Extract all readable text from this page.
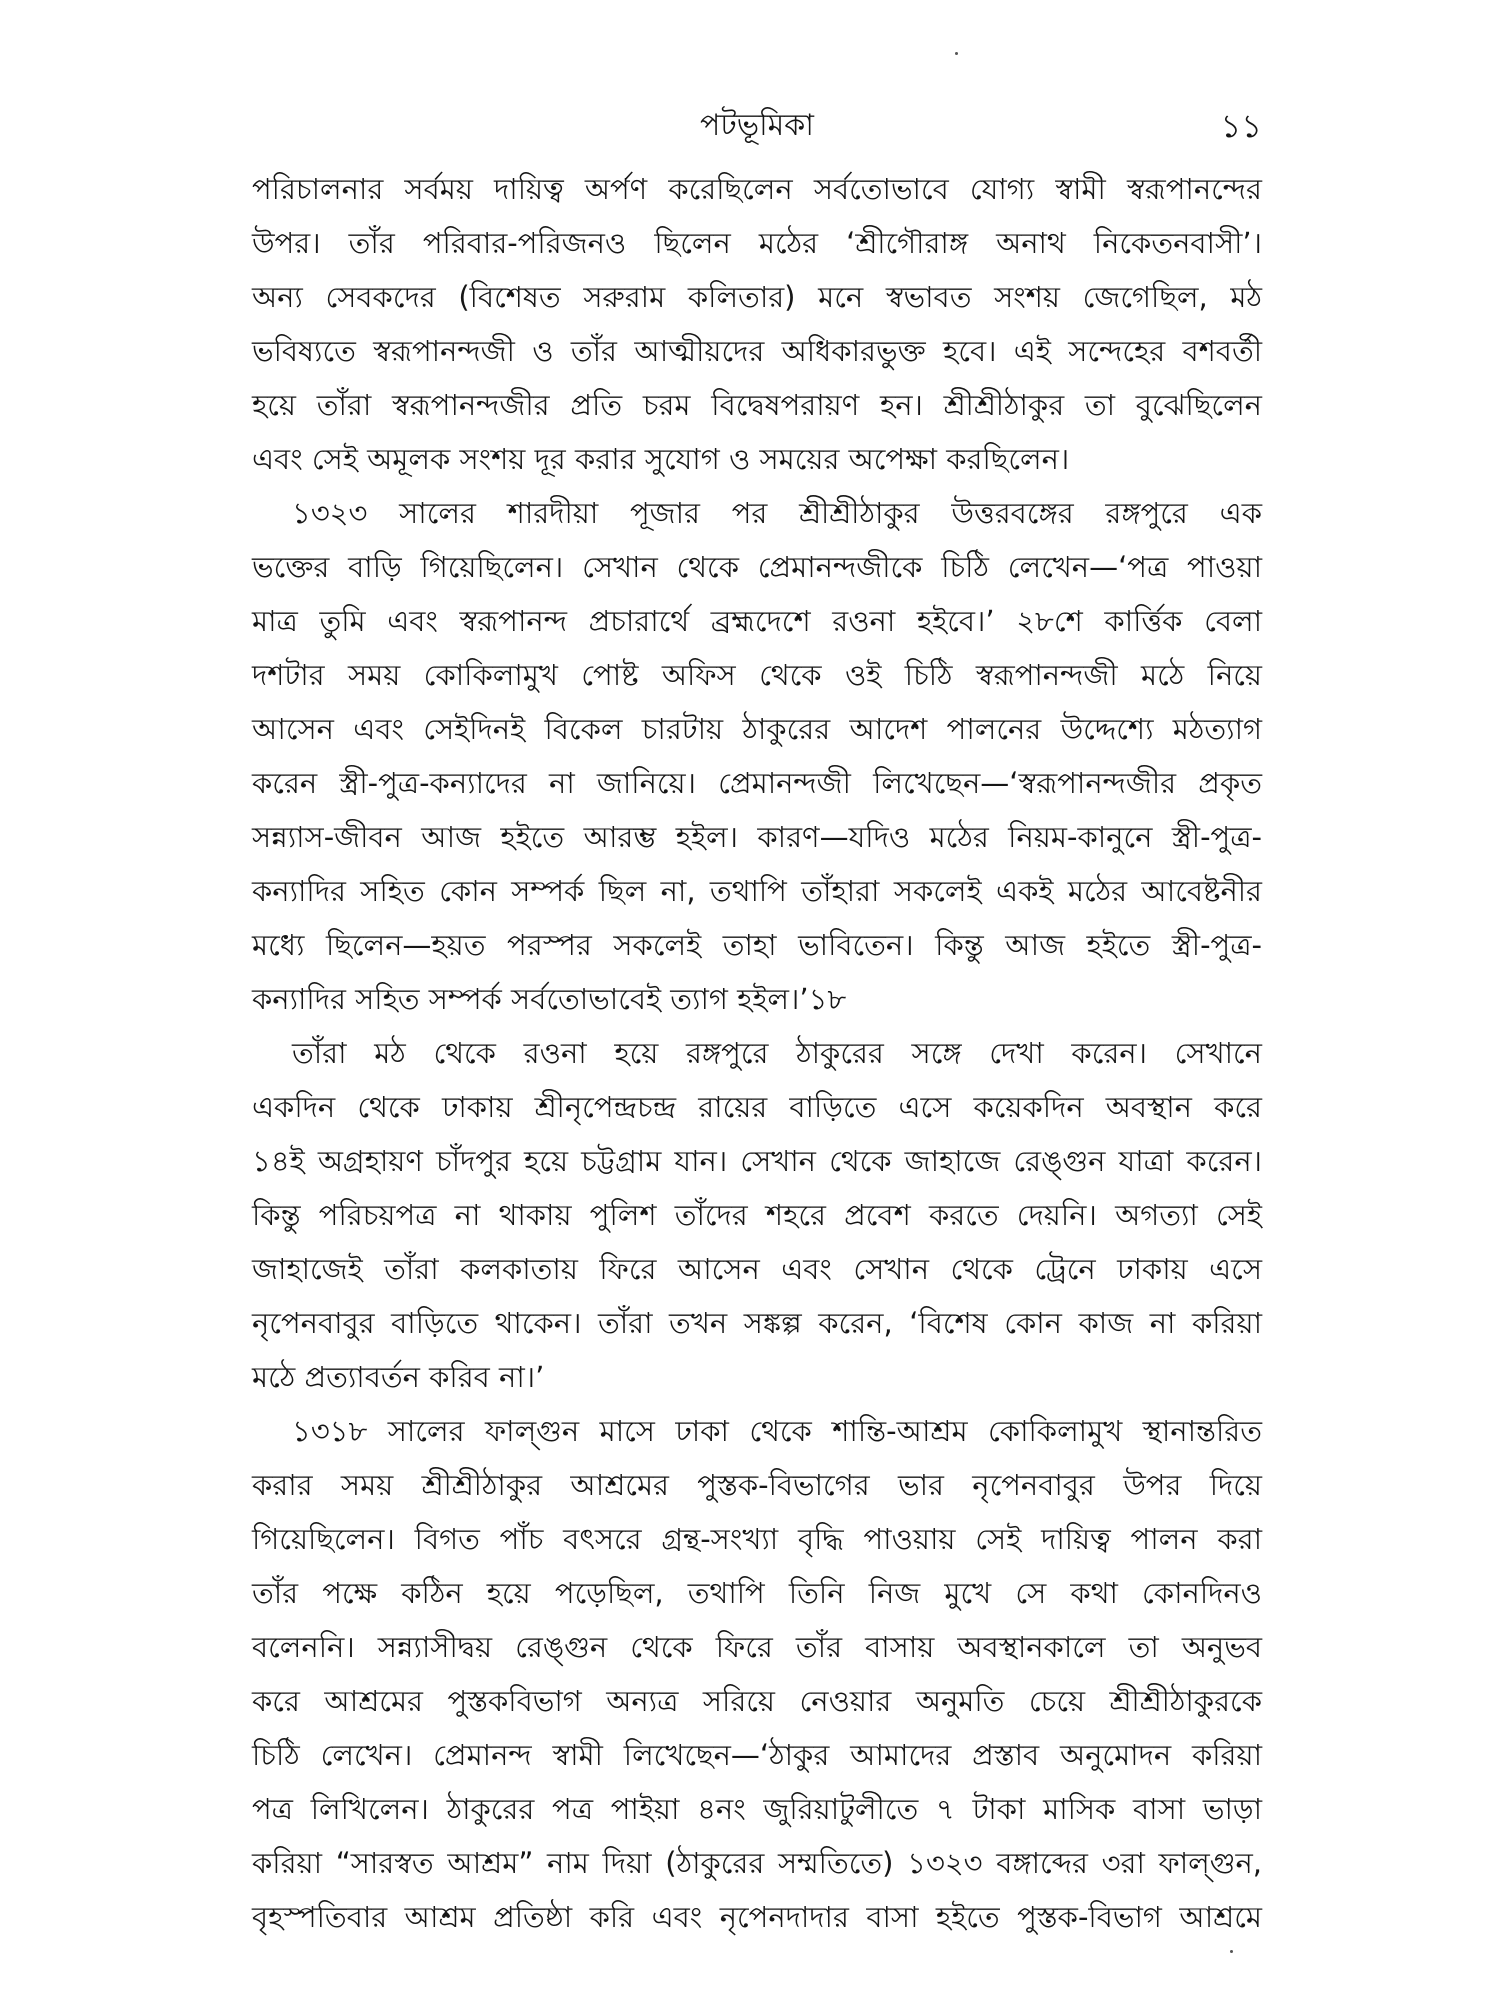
পটভূমিকা	১১
পরিচালনার সর্বময় দায়িত্ব অর্পণ করেছিলেন সর্বতোভাবে যোগ্য স্বামী স্বরূপানন্দের
উপর। তাঁর পরিবার-পরিজনও ছিলেন মঠের ‘শ্রীগৌরাঙ্গ অনাথ নিকেতনবাসী’।
অন্য সেবকদের (বিশেষত সরুরাম কলিতার) মনে স্বভাবত সংশয় জেগেছিল, মঠ
ভবিষ্যতে স্বরূপানন্দজী ও তাঁর আত্মীয়দের অধিকারভুক্ত হবে। এই সন্দেহের বশবর্তী
হয়ে তাঁরা স্বরূপানন্দজীর প্রতি চরম বিদ্বেষপরায়ণ হন। শ্রীশ্রীঠাকুর তা বুঝেছিলেন
এবং সেই অমূলক সংশয় দূর করার সুযোগ ও সময়ের অপেক্ষা করছিলেন।
১৩২৩ সালের শারদীয়া পূজার পর শ্রীশ্রীঠাকুর উত্তরবঙ্গের রঙ্গপুরে এক
ভক্তের বাড়ি গিয়েছিলেন। সেখান থেকে প্রেমানন্দজীকে চিঠি লেখেন—‘পত্র পাওয়া
মাত্র তুমি এবং স্বরূপানন্দ প্রচারার্থে ব্রহ্মদেশে রওনা হইবে।’ ২৮শে কার্ত্তিক বেলা
দশটার সময় কোকিলামুখ পোষ্ট অফিস থেকে ওই চিঠি স্বরূপানন্দজী মঠে নিয়ে
আসেন এবং সেইদিনই বিকেল চারটায় ঠাকুরের আদেশ পালনের উদ্দেশ্যে মঠত্যাগ
করেন স্ত্রী-পুত্র-কন্যাদের না জানিয়ে। প্রেমানন্দজী লিখেছেন—‘স্বরূপানন্দজীর প্রকৃত
সন্ন্যাস-জীবন আজ হইতে আরম্ভ হইল। কারণ—যদিও মঠের নিয়ম-কানুনে স্ত্রী-পুত্র-
কন্যাদির সহিত কোন সম্পর্ক ছিল না, তথাপি তাঁহারা সকলেই একই মঠের আবেষ্টনীর
মধ্যে ছিলেন—হয়ত পরস্পর সকলেই তাহা ভাবিতেন। কিন্তু আজ হইতে স্ত্রী-পুত্র-
কন্যাদির সহিত সম্পর্ক সর্বতোভাবেই ত্যাগ হইল।’১৮
তাঁরা মঠ থেকে রওনা হয়ে রঙ্গপুরে ঠাকুরের সঙ্গে দেখা করেন। সেখানে
একদিন থেকে ঢাকায় শ্রীনৃপেন্দ্রচন্দ্র রায়ের বাড়িতে এসে কয়েকদিন অবস্থান করে
১৪ই অগ্রহায়ণ চাঁদপুর হয়ে চট্টগ্রাম যান। সেখান থেকে জাহাজে রেঙ্গুন যাত্রা করেন।
কিন্তু পরিচয়পত্র না থাকায় পুলিশ তাঁদের শহরে প্রবেশ করতে দেয়নি। অগত্যা সেই
জাহাজেই তাঁরা কলকাতায় ফিরে আসেন এবং সেখান থেকে ট্রেনে ঢাকায় এসে
নৃপেনবাবুর বাড়িতে থাকেন। তাঁরা তখন সঙ্কল্প করেন, ‘বিশেষ কোন কাজ না করিয়া
মঠে প্রত্যাবর্তন করিব না।’
১৩১৮ সালের ফাল্গুন মাসে ঢাকা থেকে শান্তি-আশ্রম কোকিলামুখ স্থানান্তরিত
করার সময় শ্রীশ্রীঠাকুর আশ্রমের পুস্তক-বিভাগের ভার নৃপেনবাবুর উপর দিয়ে
গিয়েছিলেন। বিগত পাঁচ বৎসরে গ্রন্থ-সংখ্যা বৃদ্ধি পাওয়ায় সেই দায়িত্ব পালন করা
তাঁর পক্ষে কঠিন হয়ে পড়েছিল, তথাপি তিনি নিজ মুখে সে কথা কোনদিনও
বলেননি। সন্ন্যাসীদ্বয় রেঙ্গুন থেকে ফিরে তাঁর বাসায় অবস্থানকালে তা অনুভব
করে আশ্রমের পুস্তকবিভাগ অন্যত্র সরিয়ে নেওয়ার অনুমতি চেয়ে শ্রীশ্রীঠাকুরকে
চিঠি লেখেন। প্রেমানন্দ স্বামী লিখেছেন—‘ঠাকুর আমাদের প্রস্তাব অনুমোদন করিয়া
পত্র লিখিলেন। ঠাকুরের পত্র পাইয়া ৪নং জুরিয়াটুলীতে ৭ টাকা মাসিক বাসা ভাড়া
করিয়া “সারস্বত আশ্রম” নাম দিয়া (ঠাকুরের সম্মতিতে) ১৩২৩ বঙ্গাব্দের ৩রা ফাল্গুন,
বৃহস্পতিবার আশ্রম প্রতিষ্ঠা করি এবং নৃপেনদাদার বাসা হইতে পুস্তক-বিভাগ আশ্রমে
